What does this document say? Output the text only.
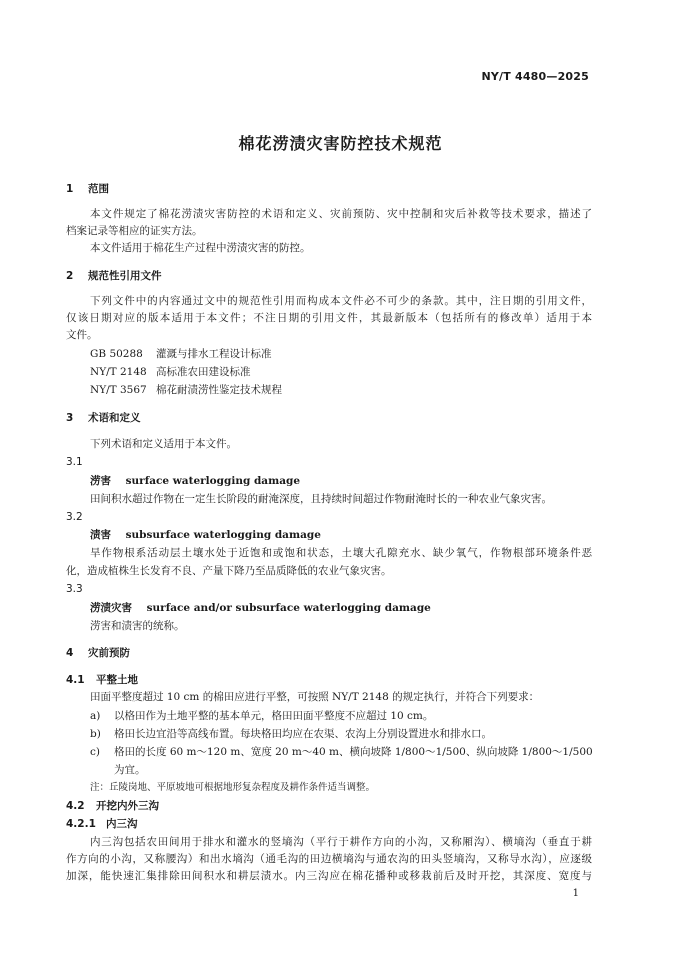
NY/T 4480—2025
棉花涝渍灾害防控技术规范
1 范围
本文件规定了棉花涝渍灾害防控的术语和定义、灾前预防、灾中控制和灾后补救等技术要求，描述了
档案记录等相应的证实方法。
本文件适用于棉花生产过程中涝渍灾害的防控。
2 规范性引用文件
下列文件中的内容通过文中的规范性引用而构成本文件必不可少的条款。其中，注日期的引用文件，
仅该日期对应的版本适用于本文件；不注日期的引用文件，其最新版本（包括所有的修改单）适用于本
文件。
GB 50288 灌溉与排水工程设计标准
NY/T 2148 高标准农田建设标准
NY/T 3567 棉花耐渍涝性鉴定技术规程
3 术语和定义
下列术语和定义适用于本文件。
3.1
涝害 surface waterlogging damage
田间积水超过作物在一定生长阶段的耐淹深度，且持续时间超过作物耐淹时长的一种农业气象灾害。
3.2
渍害 subsurface waterlogging damage
旱作物根系活动层土壤水处于近饱和或饱和状态，土壤大孔隙充水、缺少氧气，作物根部环境条件恶
化，造成植株生长发育不良、产量下降乃至品质降低的农业气象灾害。
3.3
涝渍灾害 surface and/or subsurface waterlogging damage
涝害和渍害的统称。
4 灾前预防
4.1 平整土地
田面平整度超过 10 cm 的棉田应进行平整，可按照 NY/T 2148 的规定执行，并符合下列要求：
a) 以格田作为土地平整的基本单元，格田田面平整度不应超过 10 cm。
b) 格田长边宜沿等高线布置。每块格田均应在农渠、农沟上分别设置进水和排水口。
c) 格田的长度 60 m～120 m、宽度 20 m～40 m、横向坡降 1/800～1/500、纵向坡降 1/800～1/500
为宜。
注：丘陵岗地、平原坡地可根据地形复杂程度及耕作条件适当调整。
4.2 开挖内外三沟
4.2.1 内三沟
内三沟包括农田间用于排水和灌水的竖墒沟（平行于耕作方向的小沟，又称厢沟）、横墒沟（垂直于耕
作方向的小沟，又称腰沟）和出水墒沟（通毛沟的田边横墒沟与通农沟的田头竖墒沟，又称导水沟），应逐级
加深，能快速汇集排除田间积水和耕层渍水。内三沟应在棉花播种或移栽前后及时开挖，其深度、宽度与
1
